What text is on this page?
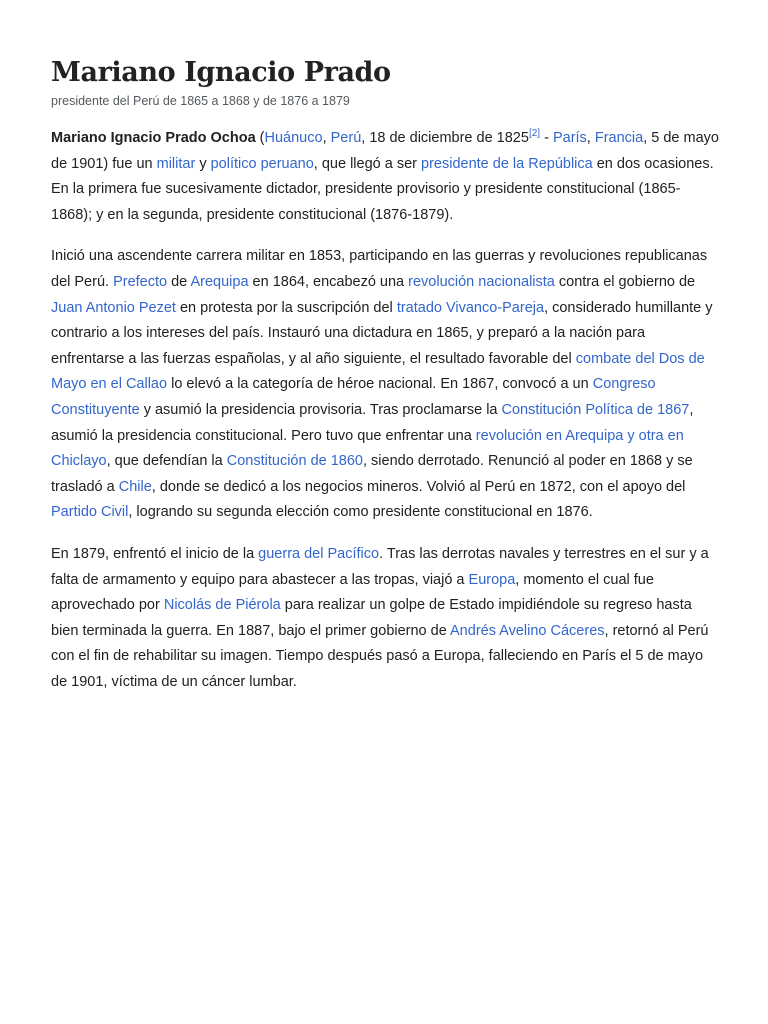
Mariano Ignacio Prado
presidente del Perú de 1865 a 1868 y de 1876 a 1879

Mariano Ignacio Prado Ochoa (Huánuco, Perú, 18 de diciembre de 1825[2] - París, Francia, 5 de mayo de 1901) fue un militar y político peruano, que llegó a ser presidente de la República en dos ocasiones. En la primera fue sucesivamente dictador, presidente provisorio y presidente constitucional (1865-1868); y en la segunda, presidente constitucional (1876-1879).

Inició una ascendente carrera militar en 1853, participando en las guerras y revoluciones republicanas del Perú. Prefecto de Arequipa en 1864, encabezó una revolución nacionalista contra el gobierno de Juan Antonio Pezet en protesta por la suscripción del tratado Vivanco-Pareja, considerado humillante y contrario a los intereses del país. Instauró una dictadura en 1865, y preparó a la nación para enfrentarse a las fuerzas españolas, y al año siguiente, el resultado favorable del combate del Dos de Mayo en el Callao lo elevó a la categoría de héroe nacional. En 1867, convocó a un Congreso Constituyente y asumió la presidencia provisoria. Tras proclamarse la Constitución Política de 1867, asumió la presidencia constitucional. Pero tuvo que enfrentar una revolución en Arequipa y otra en Chiclayo, que defendían la Constitución de 1860, siendo derrotado. Renunció al poder en 1868 y se trasladó a Chile, donde se dedicó a los negocios mineros. Volvió al Perú en 1872, con el apoyo del Partido Civil, logrando su segunda elección como presidente constitucional en 1876.

En 1879, enfrentó el inicio de la guerra del Pacífico. Tras las derrotas navales y terrestres en el sur y a falta de armamento y equipo para abastecer a las tropas, viajó a Europa, momento el cual fue aprovechado por Nicolás de Piérola para realizar un golpe de Estado impidiéndole su regreso hasta bien terminada la guerra. En 1887, bajo el primer gobierno de Andrés Avelino Cáceres, retornó al Perú con el fin de rehabilitar su imagen. Tiempo después pasó a Europa, falleciendo en París el 5 de mayo de 1901, víctima de un cáncer lumbar.
